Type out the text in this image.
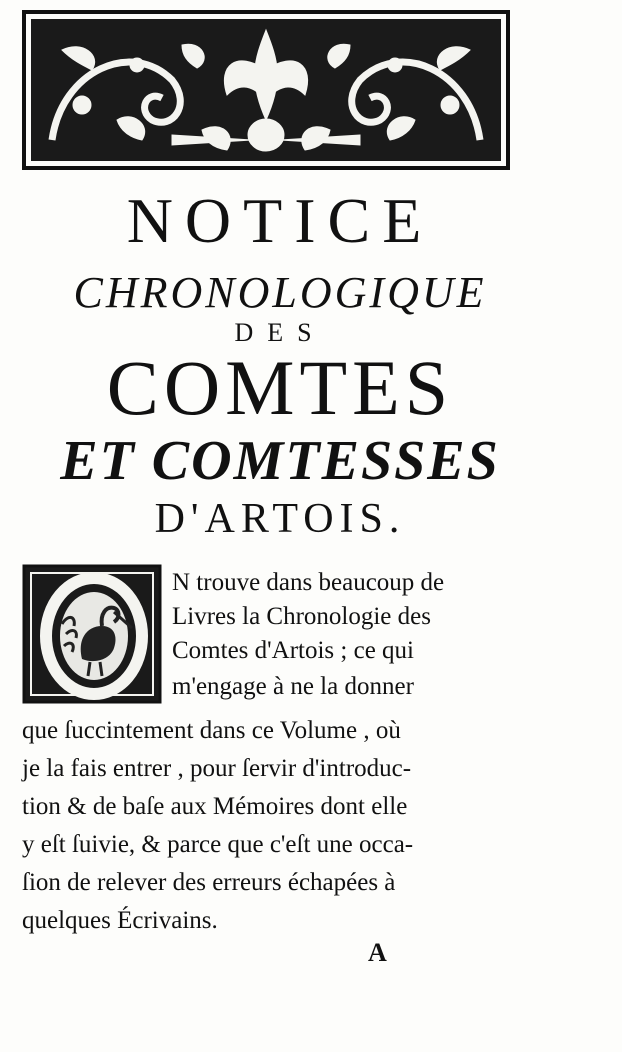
NOTICE
CHRONOLOGIQUE
DES
COMTES
ET COMTESSES
D'ARTOIS.
N trouve dans beaucoup de
Livres la Chronologie des
Comtes d'Artois ; ce qui
m'engage à ne la donner
que ſuccintement dans ce Volume , où
je la fais entrer , pour ſervir d'introduc-
tion & de baſe aux Mémoires dont elle
y eſt ſuivie, & parce que c'eſt une occa-
ſion de relever des erreurs échapées à
quelques Écrivains.
A
